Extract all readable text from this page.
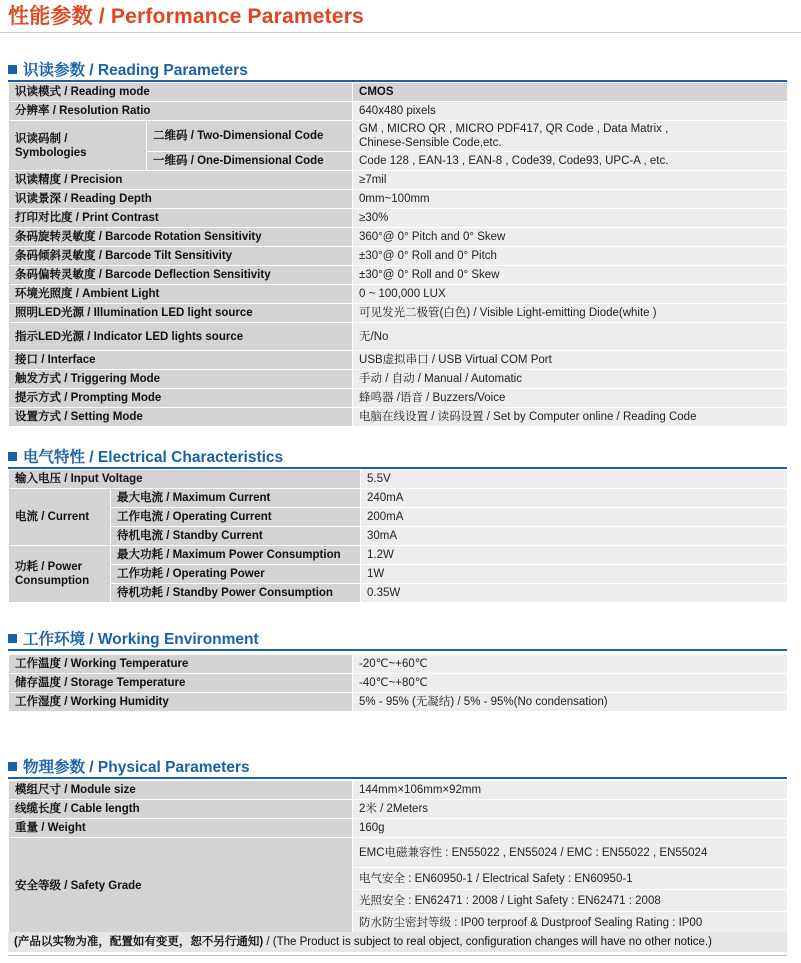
性能参数 / Performance Parameters
识读参数 / Reading Parameters
识读模式 / Reading mode		CMOS
分辨率 / Resolution Ratio		640x480 pixels
识读码制 / Symbologies	二维码 / Two-Dimensional Code	GM , MICRO QR , MICRO PDF417, QR Code , Data Matrix ,
Chinese-Sensible Code,etc.
	一维码 / One-Dimensional Code	Code 128 , EAN-13 , EAN-8 , Code39, Code93, UPC-A , etc.
识读精度 / Precision		≥7mil
识读景深 / Reading Depth		0mm~100mm
打印对比度 / Print Contrast		≥30%
条码旋转灵敏度 / Barcode Rotation Sensitivity		360°@ 0° Pitch and 0° Skew
条码倾斜灵敏度 / Barcode Tilt Sensitivity		±30°@ 0° Roll and 0° Pitch
条码偏转灵敏度 / Barcode Deflection Sensitivity		±30°@ 0° Roll and 0° Skew
环境光照度 / Ambient Light		0 ~ 100,000 LUX
照明LED光源 / Illumination LED light source		可见发光二极管(白色) / Visible Light-emitting Diode(white )
指示LED光源 / Indicator LED lights source		无/No
接口 / Interface		USB虚拟串口 / USB Virtual COM Port
触发方式 / Triggering Mode		手动 / 自动 / Manual / Automatic
提示方式 / Prompting Mode		蜂鸣器 /语音 / Buzzers/Voice
设置方式 / Setting Mode		电脑在线设置 / 读码设置 / Set by Computer online / Reading Code
电气特性 / Electrical Characteristics
输入电压 / Input Voltage		5.5V
电流 / Current	最大电流 / Maximum Current	240mA
	工作电流 / Operating Current	200mA
	待机电流 / Standby Current	30mA
功耗 / Power Consumption	最大功耗 / Maximum Power Consumption	1.2W
	工作功耗 / Operating Power	1W
	待机功耗 / Standby Power Consumption	0.35W
工作环境 / Working Environment
工作温度 / Working Temperature	-20℃~+60℃
储存温度 / Storage Temperature	-40℃~+80℃
工作湿度 / Working Humidity	5% - 95% (无凝结) / 5% - 95%(No condensation)
物理参数 / Physical Parameters
模组尺寸 / Module size	144mm×106mm×92mm
线缆长度 / Cable length	2米 / 2Meters
重量 / Weight	160g
安全等级 / Safety Grade	EMC电磁兼容性 : EN55022 , EN55024 / EMC : EN55022 , EN55024
	电气安全 : EN60950-1 / Electrical Safety : EN60950-1
	光照安全 : EN62471 : 2008 / Light Safety : EN62471 : 2008
	防水防尘密封等级 : IP00 terproof & Dustproof Sealing Rating : IP00
(产品以实物为准，配置如有变更，恕不另行通知) / (The Product is subject to real object, configuration changes will have no other notice.)
